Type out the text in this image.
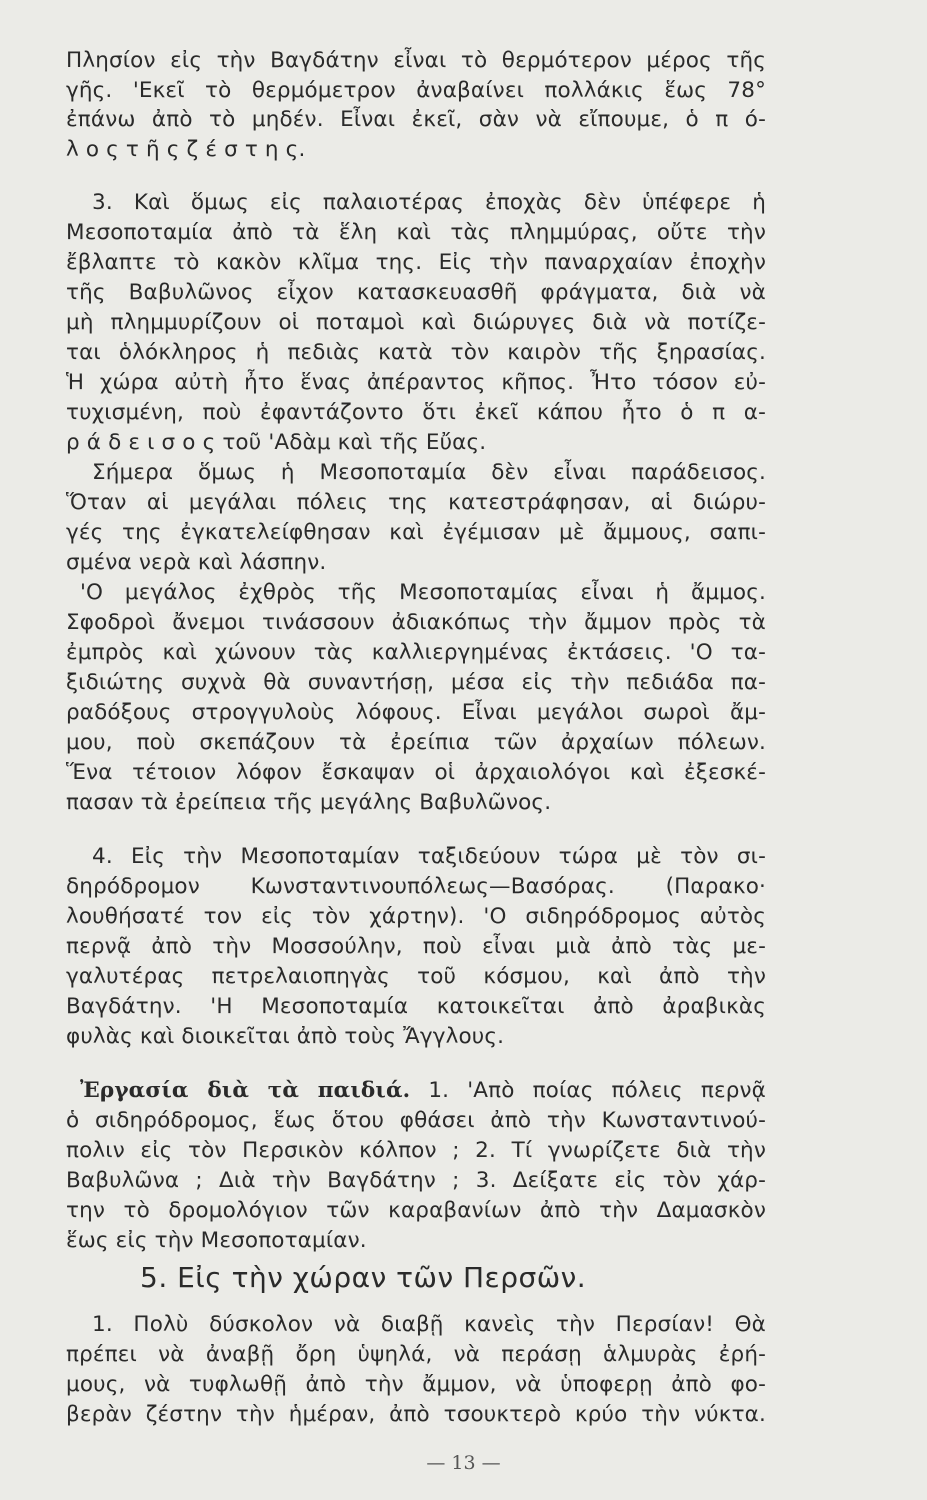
Πλησίον εἰς τὴν Βαγδάτην εἶναι τὸ θερμότερον μέρος τῆς
γῆς. 'Εκεῖ τὸ θερμόμετρον ἀναβαίνει πολλάκις ἕως 78°
ἐπάνω ἀπὸ τὸ μηδέν. Εἶναι ἐκεῖ, σὰν νὰ εἴπουμε, ὁ π ό-
λ ο ς τ ῆ ς ζ έ σ τ η ς.
3. Καὶ ὅμως εἰς παλαιοτέρας ἐποχὰς δὲν ὑπέφερε ἡ
Μεσοποταμία ἀπὸ τὰ ἕλη καὶ τὰς πλημμύρας, οὔτε τὴν
ἔβλαπτε τὸ κακὸν κλῖμα της. Εἰς τὴν παναρχαίαν ἐποχὴν
τῆς Βαβυλῶνος εἶχον κατασκευασθῆ φράγματα, διὰ νὰ
μὴ πλημμυρίζουν οἱ ποταμοὶ καὶ διώρυγες διὰ νὰ ποτίζε-
ται ὁλόκληρος ἡ πεδιὰς κατὰ τὸν καιρὸν τῆς ξηρασίας.
Ἡ χώρα αὐτὴ ἦτο ἕνας ἀπέραντος κῆπος. Ἦτο τόσον εὐ-
τυχισμένη, ποὺ ἐφαντάζοντο ὅτι ἐκεῖ κάπου ἦτο ὁ π α-
ρ ά δ ε ι σ ο ς τοῦ 'Αδὰμ καὶ τῆς Εὔας.
Σήμερα ὅμως ἡ Μεσοποταμία δὲν εἶναι παράδεισος.
Ὅταν αἱ μεγάλαι πόλεις της κατεστράφησαν, αἱ διώρυ-
γές της ἐγκατελείφθησαν καὶ ἐγέμισαν μὲ ἄμμους, σαπι-
σμένα νερὰ καὶ λάσπην.
'Ο μεγάλος ἐχθρὸς τῆς Μεσοποταμίας εἶναι ἡ ἄμμος.
Σφοδροὶ ἄνεμοι τινάσσουν ἀδιακόπως τὴν ἄμμον πρὸς τὰ
ἐμπρὸς καὶ χώνουν τὰς καλλιεργημένας ἐκτάσεις. 'Ο τα-
ξιδιώτης συχνὰ θὰ συναντήσῃ, μέσα εἰς τὴν πεδιάδα πα-
ραδόξους στρογγυλοὺς λόφους. Εἶναι μεγάλοι σωροὶ ἄμ-
μου, ποὺ σκεπάζουν τὰ ἐρείπια τῶν ἀρχαίων πόλεων.
Ἕνα τέτοιον λόφον ἔσκαψαν οἱ ἀρχαιολόγοι καὶ ἐξεσκέ-
πασαν τὰ ἐρείπεια τῆς μεγάλης Βαβυλῶνος.
4. Εἰς τὴν Μεσοποταμίαν ταξιδεύουν τώρα μὲ τὸν σι-
δηρόδρομον Κωνσταντινουπόλεως—Βασόρας. (Παρακο·
λουθήσατέ τον εἰς τὸν χάρτην). 'Ο σιδηρόδρομος αὐτὸς
περνᾷ ἀπὸ τὴν Μοσσούλην, ποὺ εἶναι μιὰ ἀπὸ τὰς με-
γαλυτέρας πετρελαιοπηγὰς τοῦ κόσμου, καὶ ἀπὸ τὴν
Βαγδάτην. 'Η Μεσοποταμία κατοικεῖται ἀπὸ ἀραβικὰς
φυλὰς καὶ διοικεῖται ἀπὸ τοὺς Ἄγγλους.
Ἐργασία διὰ τὰ παιδιά. 1. 'Απὸ ποίας πόλεις περνᾷ
ὁ σιδηρόδρομος, ἕως ὅτου φθάσει ἀπὸ τὴν Κωνσταντινού-
πολιν εἰς τὸν Περσικὸν κόλπον ; 2. Τί γνωρίζετε διὰ τὴν
Βαβυλῶνα ; Διὰ τὴν Βαγδάτην ; 3. Δείξατε εἰς τὸν χάρ-
την τὸ δρομολόγιον τῶν καραβανίων ἀπὸ τὴν Δαμασκὸν
5. Εἰς τὴν χώραν τῶν Περσῶν.
1. Πολὺ δύσκολον νὰ διαβῇ κανεὶς τὴν Περσίαν! Θὰ
πρέπει νὰ ἀναβῇ ὄρη ὑψηλά, νὰ περάσῃ ἁλμυρὰς ἐρή-
μους, νὰ τυφλωθῇ ἀπὸ τὴν ἄμμον, νὰ ὑποφερῃ ἀπὸ φο-
βερὰν ζέστην τὴν ἡμέραν, ἀπὸ τσουκτερὸ κρύο τὴν νύκτα.
— 13 —
ἕως εἰς τὴν Μεσοποταμίαν.
